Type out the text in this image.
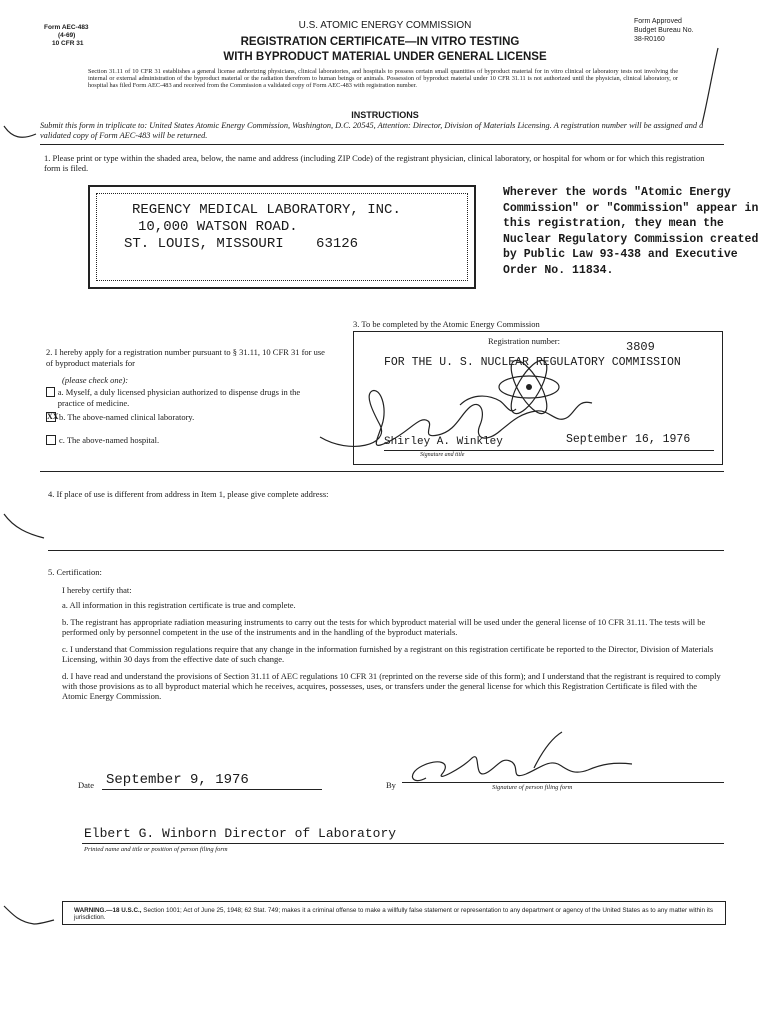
Form AEC-483
(4-69)
10 CFR 31
U.S. ATOMIC ENERGY COMMISSION
REGISTRATION CERTIFICATE—IN VITRO TESTING
WITH BYPRODUCT MATERIAL UNDER GENERAL LICENSE
Form Approved
Budget Bureau No.
38-R0160
Section 31.11 of 10 CFR 31 establishes a general license authorizing physicians, clinical laboratories, and hospitals to possess certain small quantities of byproduct material for in vitro clinical or laboratory tests not involving the internal or external administration of the byproduct material or the radiation therefrom to human beings or animals. Possession of byproduct material under 10 CFR 31.11 is not authorized until the physician, clinical laboratory, or hospital has filed Form AEC-483 and received from the Commission a validated copy of Form AEC-483 with registration number.
INSTRUCTIONS
Submit this form in triplicate to: United States Atomic Energy Commission, Washington, D.C. 20545, Attention: Director, Division of Materials Licensing. A registration number will be assigned and a validated copy of Form AEC-483 will be returned.
1. Please print or type within the shaded area, below, the name and address (including ZIP Code) of the registrant physician, clinical laboratory, or hospital for whom or for which this registration form is filed.
REGENCY MEDICAL LABORATORY, INC.
10,000 WATSON ROAD.
ST. LOUIS, MISSOURI 63126
Wherever the words "Atomic Energy Commission" or "Commission" appear in this registration, they mean the Nuclear Regulatory Commission created by Public Law 93-438 and Executive Order No. 11834.
3. To be completed by the Atomic Energy Commission
Registration number:	3809
FOR THE U. S. NUCLEAR REGULATORY COMMISSION
Shirley A. Winkley	September 16, 1976
Signature and title
2. I hereby apply for a registration number pursuant to § 31.11, 10 CFR 31 for use of byproduct materials for
(please check one):
a. Myself, a duly licensed physician authorized to dispense drugs in the practice of medicine.
XX b. The above-named clinical laboratory.
c. The above-named hospital.
4. If place of use is different from address in Item 1, please give complete address:
5. Certification:
I hereby certify that:
a. All information in this registration certificate is true and complete.
b. The registrant has appropriate radiation measuring instruments to carry out the tests for which byproduct material will be used under the general license of 10 CFR 31.11. The tests will be performed only by personnel competent in the use of the instruments and in the handling of the byproduct materials.
c. I understand that Commission regulations require that any change in the information furnished by a registrant on this registration certificate be reported to the Director, Division of Materials Licensing, within 30 days from the effective date of such change.
d. I have read and understand the provisions of Section 31.11 of AEC regulations 10 CFR 31 (reprinted on the reverse side of this form); and I understand that the registrant is required to comply with those provisions as to all byproduct material which he receives, acquires, possesses, uses, or transfers under the general license for which this Registration Certificate is filed with the Atomic Energy Commission.
Date September 9, 1976	By	Signature of person filing form
Elbert G. Winborn Director of Laboratory
Printed name and title or position of person filing form
WARNING.—18 U.S.C., Section 1001; Act of June 25, 1948; 62 Stat. 749; makes it a criminal offense to make a willfully false statement or representation to any department or agency of the United States as to any matter within its jurisdiction.
